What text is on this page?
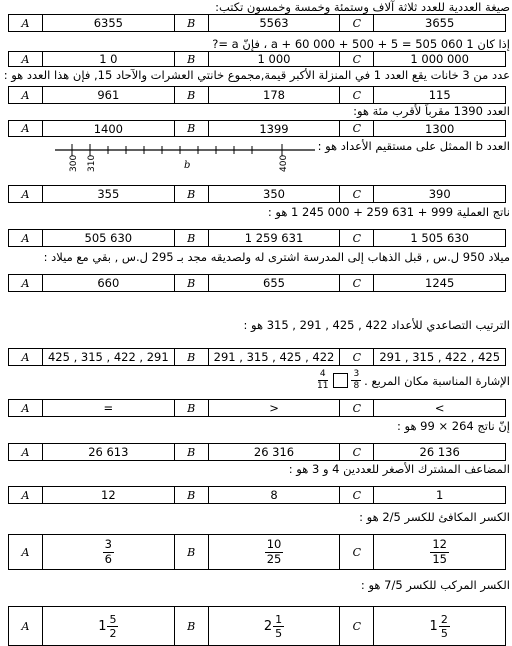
صيغة العددية للعدد ثلاثة آلاف وستمئة وخمسة وخمسون تكتب:
A	6355	B	5563	C	3655
إذا كان 1 060 505 = a + 60 000 + 500 + 5 ، فإنّ a =?
A	1 0	B	1 000	C	1 000 000
عدد من 3 خانات يقع العدد 1 في المنزلة الأكبر قيمة,مجموع خانتي العشرات والآحاد 15, فإن هذا العدد هو :
A	961	B	178	C	115
العدد 1390 مقرباً لأقرب مئة هو:
A	1400	B	1399	C	1300
العدد b الممثل على مستقيم الأعداد هو :
300 310	400
b
A	355	B	350	C	390
ناتج العملية 999 + 631 259 + 000 245 1 هو :
A	505 630	B	1 259 631	C	1 505 630
ميلاد 950 ل.س , قبل الذهاب إلى المدرسة اشترى له ولصديقه مجد بـ 295 ل.س , بقي مع ميلاد :
A	660	B	655	C	1245
الترتيب التصاعدي للأعداد 422 , 425 , 291 , 315 هو :
A	425 , 315 , 422 , 291	B	291 , 315 , 425 , 422	C	291 , 315 , 422 , 425
الإشارة المناسبة مكان المربع .
$\frac{3}{8}$
$\frac{4}{11}$
A	=	B	>	C	<
إنّ ناتج 264 × 99 هو :
A	26 613	B	26 316	C	26 136
المضاعف المشترك الأصغر للعددين 4 و 3 هو :
A	12	B	8	C	1
الكسر المكافئ للكسر 2/5 هو :
A	$\frac{3}{6}$	B	$\frac{10}{25}$	C	$\frac{12}{15}$
الكسر المركب للكسر 7/5 هو :
A	$1 \frac{5}{2}$	B	$2 \frac{1}{5}$	C	$1 \frac{2}{5}$
